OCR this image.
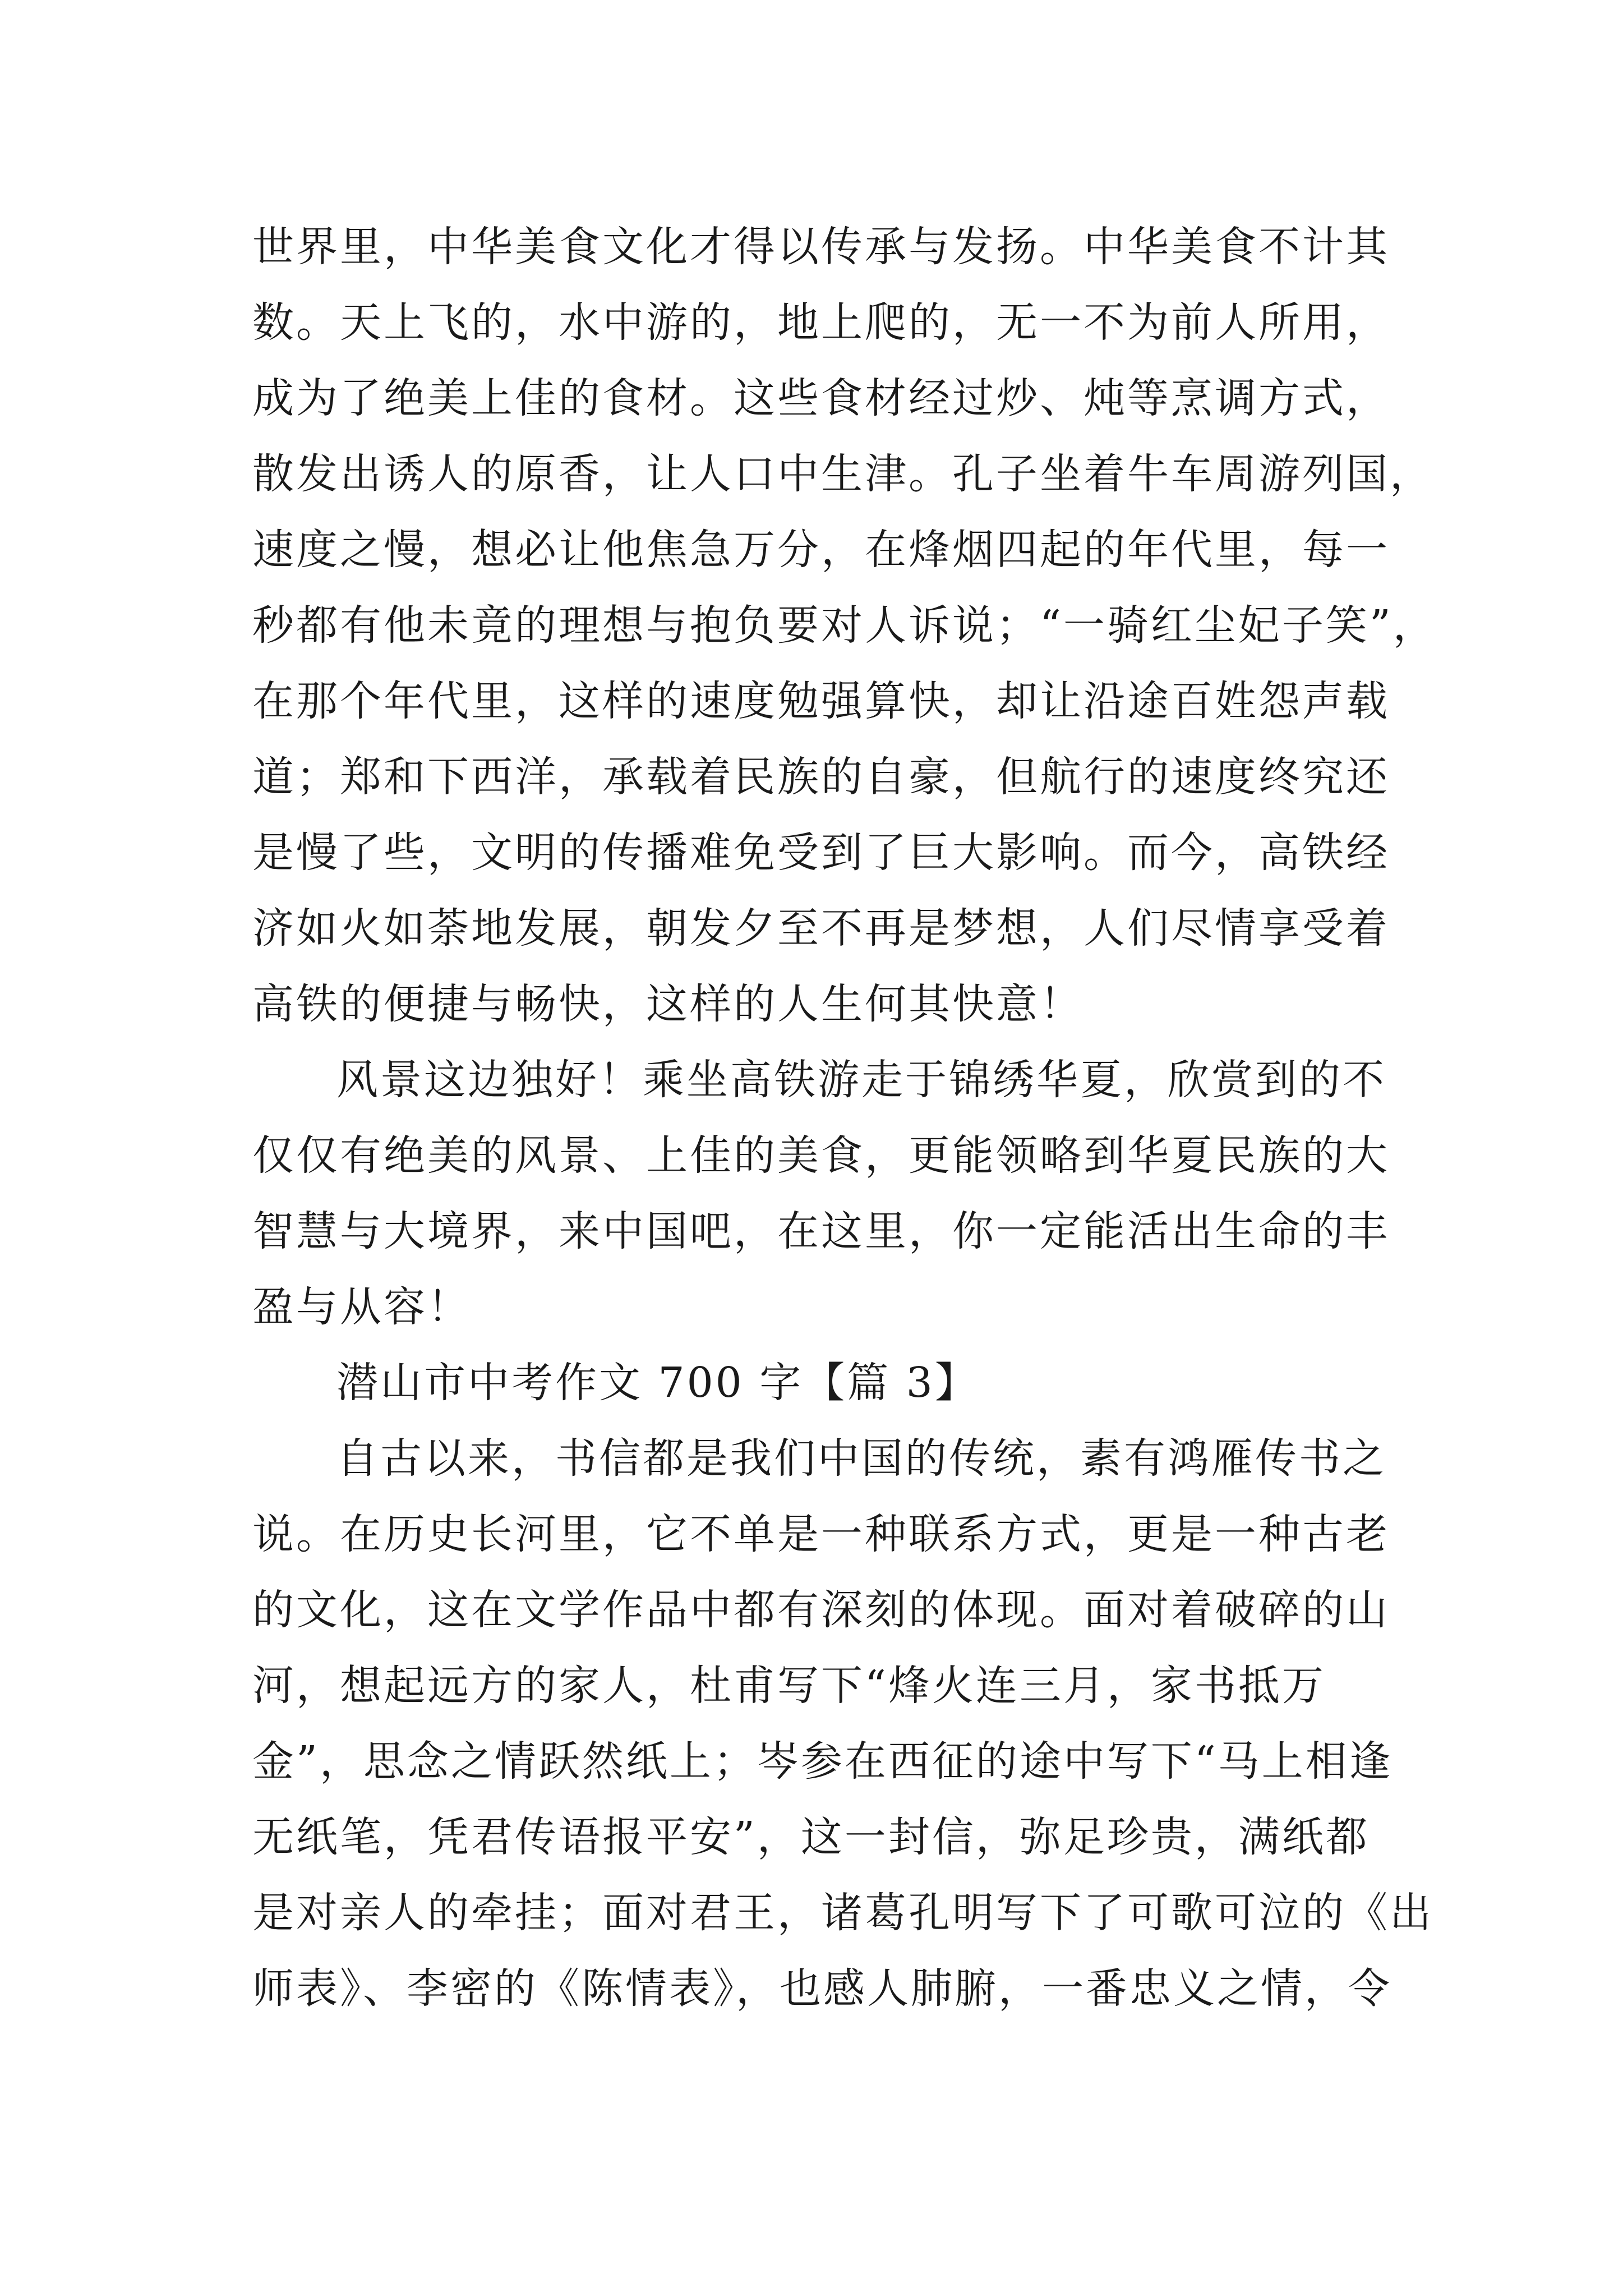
世界里，中华美食文化才得以传承与发扬。中华美食不计其
数。天上飞的，水中游的，地上爬的，无一不为前人所用，
成为了绝美上佳的食材。这些食材经过炒、炖等烹调方式，
散发出诱人的原香，让人口中生津。孔子坐着牛车周游列国，
速度之慢，想必让他焦急万分，在烽烟四起的年代里，每一
秒都有他未竟的理想与抱负要对人诉说；“一骑红尘妃子笑”，
在那个年代里，这样的速度勉强算快，却让沿途百姓怨声载
道；郑和下西洋，承载着民族的自豪，但航行的速度终究还
是慢了些，文明的传播难免受到了巨大影响。而今，高铁经
济如火如荼地发展，朝发夕至不再是梦想，人们尽情享受着
高铁的便捷与畅快，这样的人生何其快意！
风景这边独好！乘坐高铁游走于锦绣华夏，欣赏到的不
仅仅有绝美的风景、上佳的美食，更能领略到华夏民族的大
智慧与大境界，来中国吧，在这里，你一定能活出生命的丰
盈与从容！
潜山市中考作文 700 字【篇 3】
自古以来，书信都是我们中国的传统，素有鸿雁传书之
说。在历史长河里，它不单是一种联系方式，更是一种古老
的文化，这在文学作品中都有深刻的体现。面对着破碎的山
河，想起远方的家人，杜甫写下“烽火连三月，家书抵万
金”，思念之情跃然纸上；岑参在西征的途中写下“马上相逢
无纸笔，凭君传语报平安”，这一封信，弥足珍贵，满纸都
是对亲人的牵挂；面对君王，诸葛孔明写下了可歌可泣的《出
师表》、李密的《陈情表》，也感人肺腑，一番忠义之情，令
